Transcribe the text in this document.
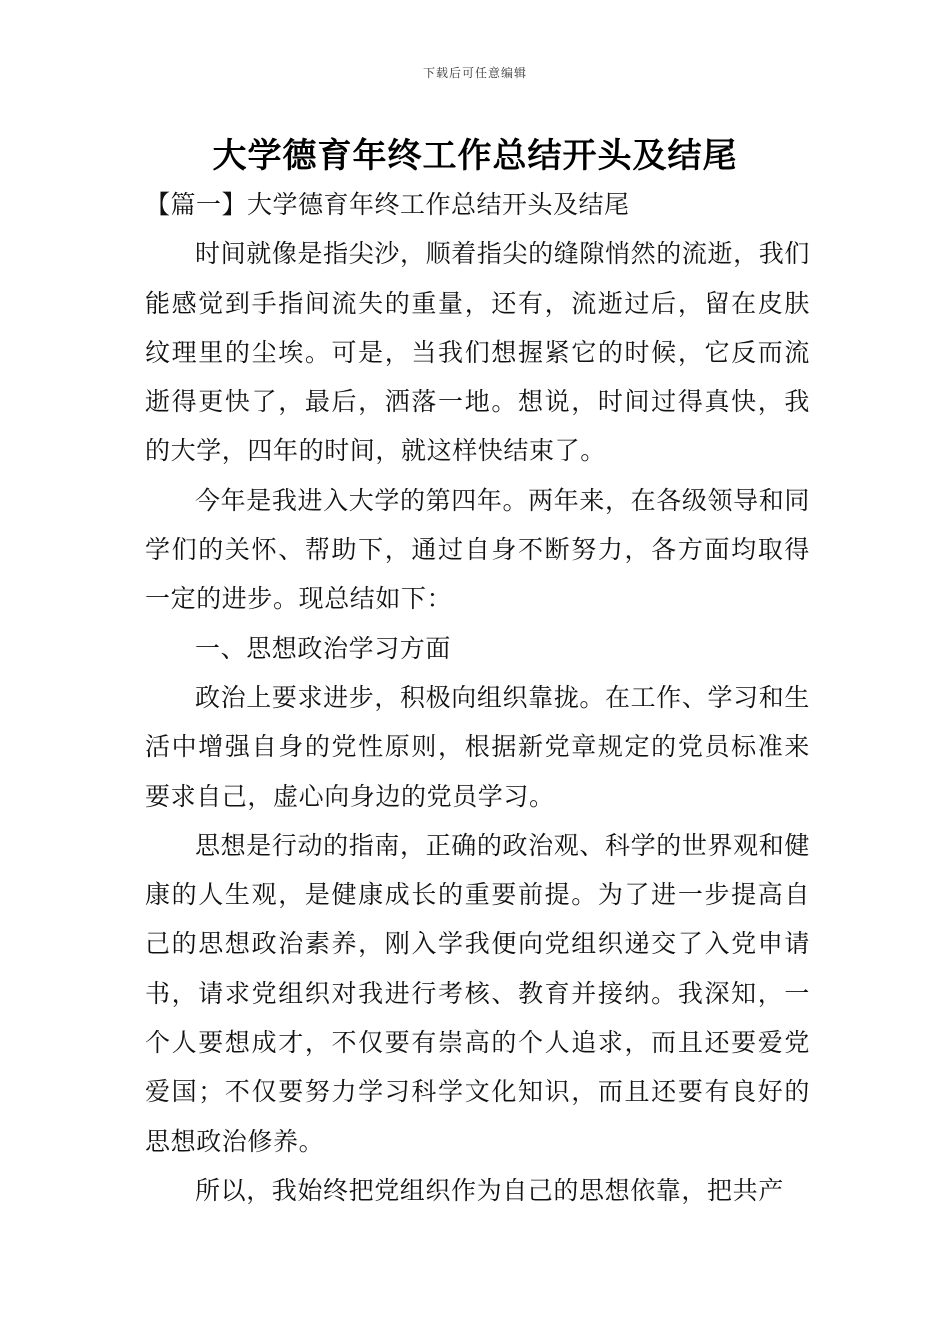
下载后可任意编辑
大学德育年终工作总结开头及结尾

【篇一】大学德育年终工作总结开头及结尾

时间就像是指尖沙，顺着指尖的缝隙悄然的流逝，我们能感觉到手指间流失的重量，还有，流逝过后，留在皮肤纹理里的尘埃。可是，当我们想握紧它的时候，它反而流逝得更快了，最后，洒落一地。想说，时间过得真快，我的大学，四年的时间，就这样快结束了。

今年是我进入大学的第四年。两年来，在各级领导和同学们的关怀、帮助下，通过自身不断努力，各方面均取得一定的进步。现总结如下：

一、思想政治学习方面

政治上要求进步，积极向组织靠拢。在工作、学习和生活中增强自身的党性原则，根据新党章规定的党员标准来要求自己，虚心向身边的党员学习。

思想是行动的指南，正确的政治观、科学的世界观和健康的人生观，是健康成长的重要前提。为了进一步提高自己的思想政治素养，刚入学我便向党组织递交了入党申请书，请求党组织对我进行考核、教育并接纳。我深知，一个人要想成才，不仅要有崇高的个人追求，而且还要爱党爱国；不仅要努力学习科学文化知识，而且还要有良好的思想政治修养。

所以，我始终把党组织作为自己的思想依靠，把共产
